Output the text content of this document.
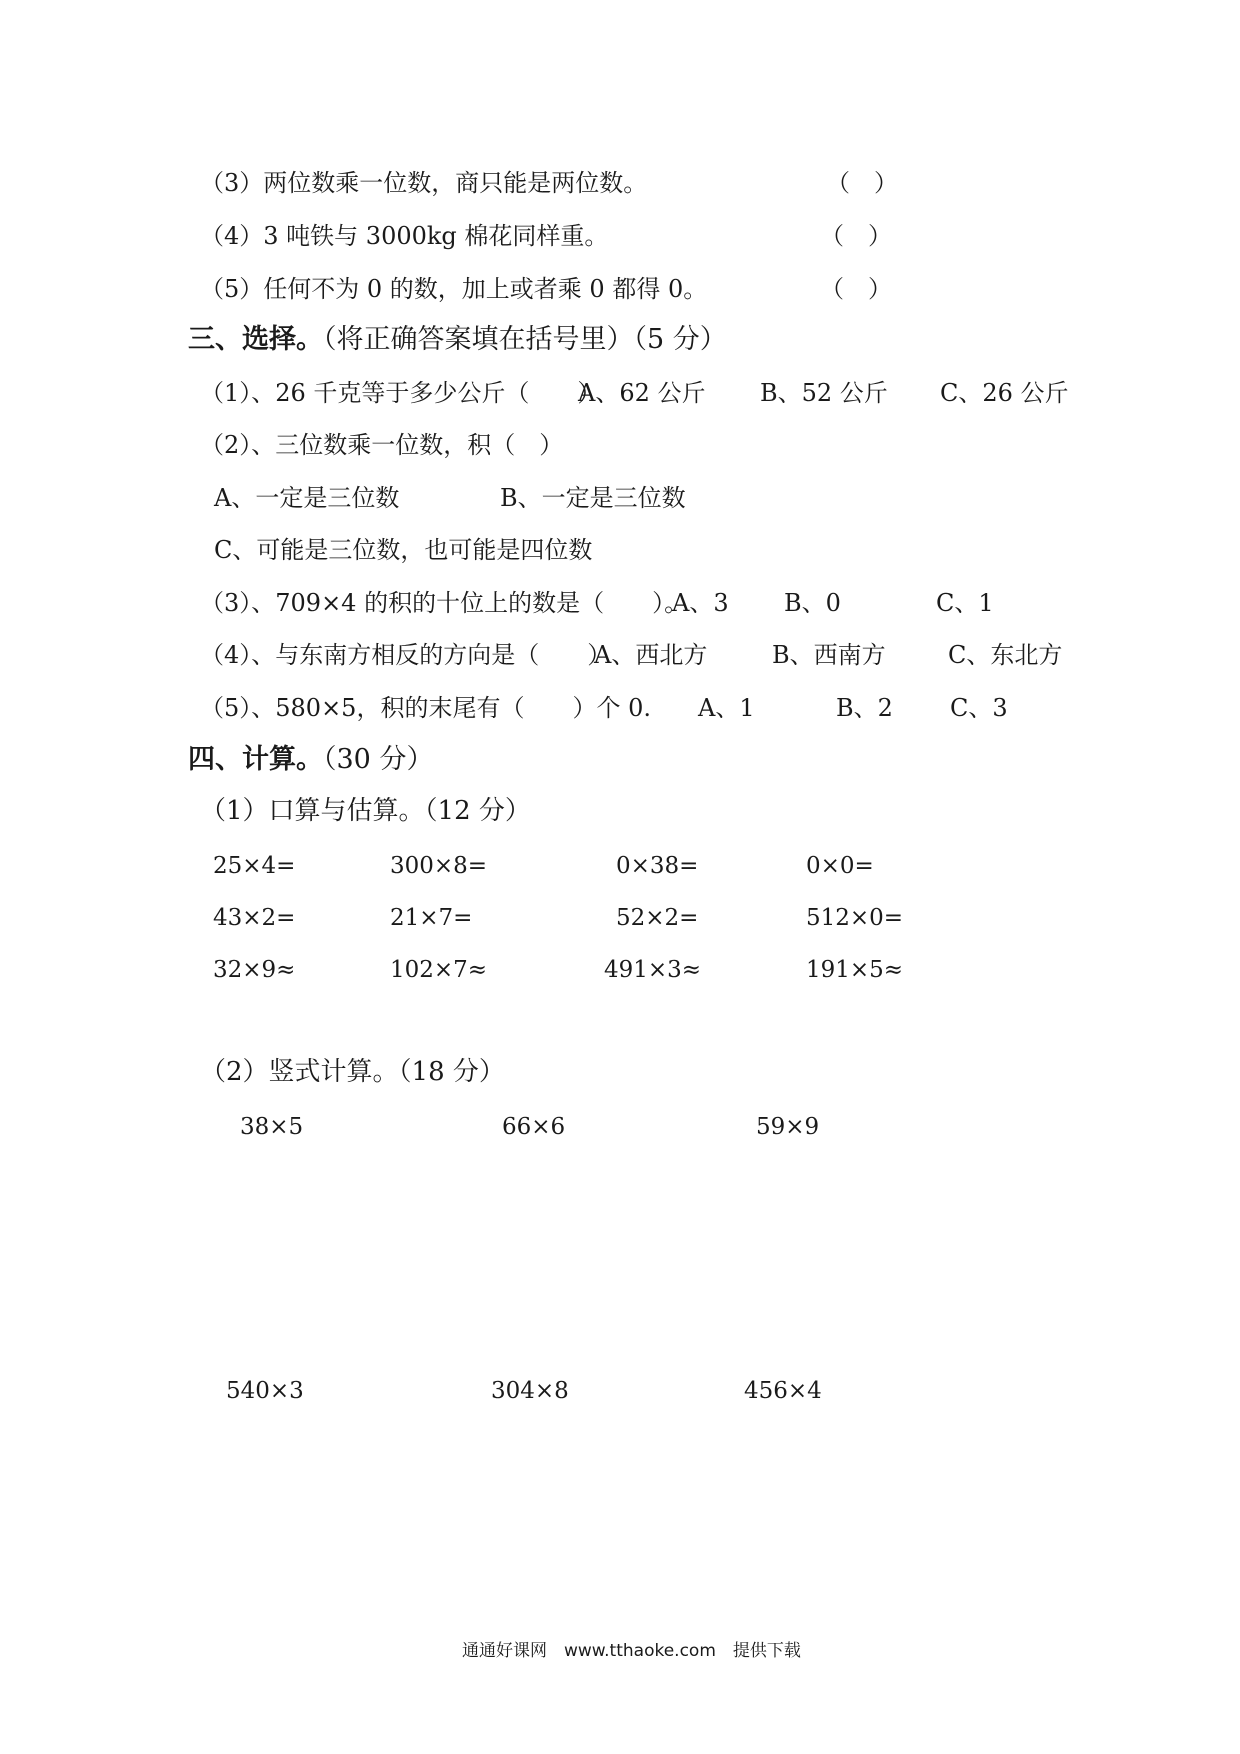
（3）两位数乘一位数，商只能是两位数。	（　）
（4）3 吨铁与 3000kg 棉花同样重。	（　）
（5）任何不为 0 的数，加上或者乘 0 都得 0。	（　）
三、选择。（将正确答案填在括号里）（5 分）
（1）、26 千克等于多少公斤（　　）
A、62 公斤 B、52 公斤 C、26 公斤
（2）、三位数乘一位数，积（　）
A、一定是三位数	B、一定是三位数
C、可能是三位数，也可能是四位数
（3）、709×4 的积的十位上的数是（　　）。
A、3 B、0	C、1
（4）、与东南方相反的方向是（　　）
A、西北方	B、西南方	C、东北方
（5）、580×5，积的末尾有（　　）个 0. A、1	B、2 C、3
四、计算。（30 分）
（1）口算与估算。（12 分）
25×4=	300×8=	0×38=	0×0=
43×2=	21×7=	52×2=	512×0=
32×9≈	102×7≈	491×3≈	191×5≈
（2）竖式计算。（18 分）
38×5	66×6	59×9
540×3	304×8	456×4
通通好课网　www.tthaoke.com　提供下载
